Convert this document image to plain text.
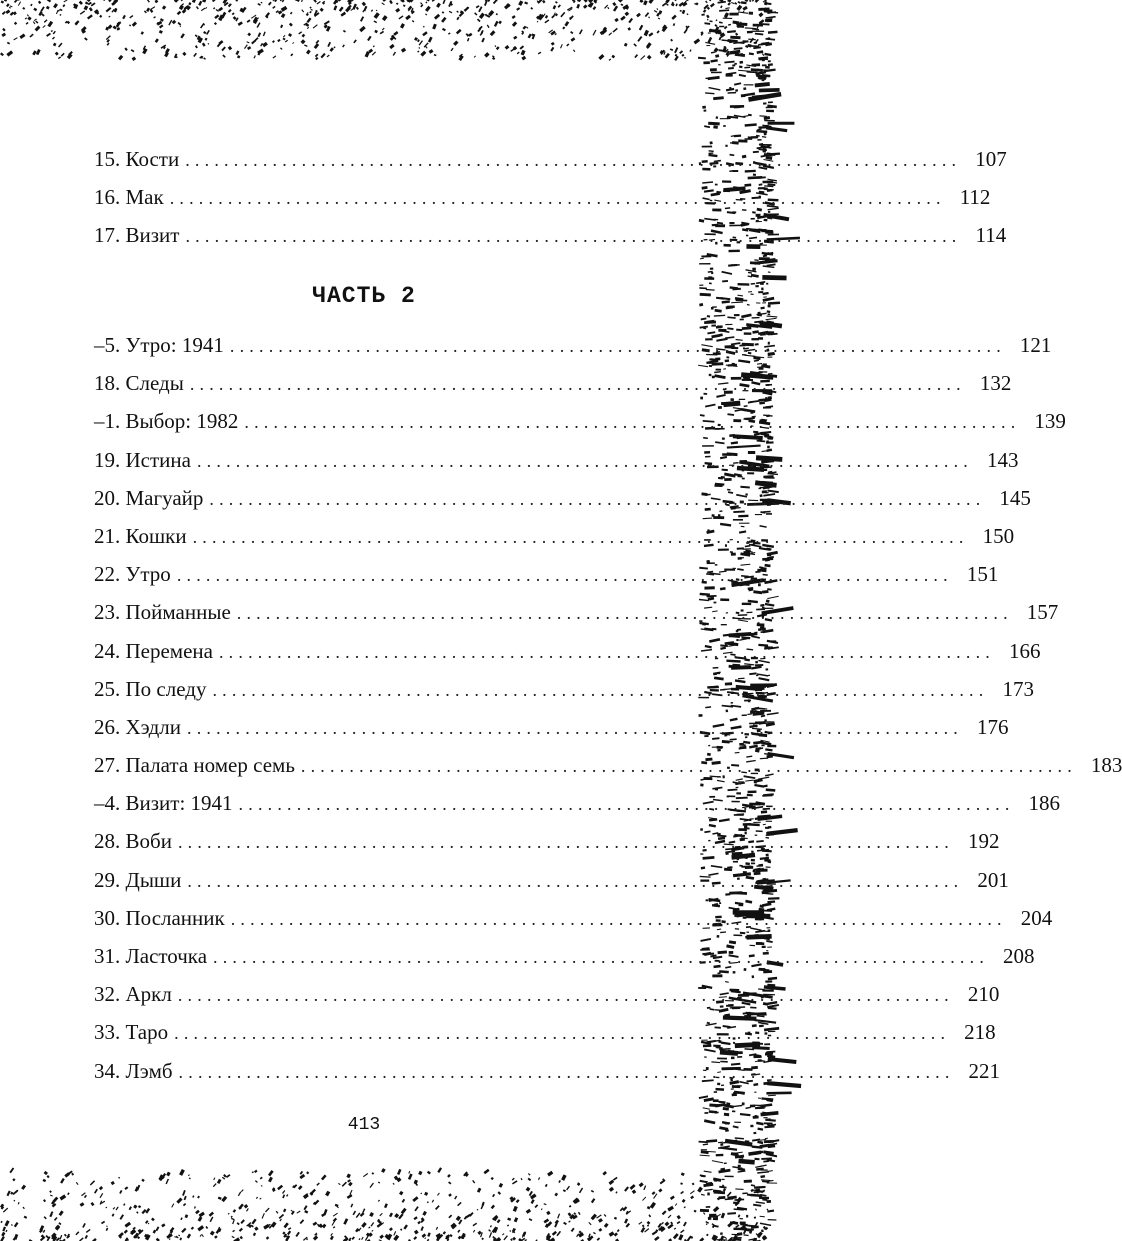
15. Кости ................................................................................ 107
16. Мак ................................................................................ 112
17. Визит ................................................................................ 114
ЧАСТЬ 2
–5. Утро: 1941 ................................................................................ 121
18. Следы ................................................................................ 132
–1. Выбор: 1982 ................................................................................ 139
19. Истина ................................................................................ 143
20. Магуайр ................................................................................ 145
21. Кошки ................................................................................ 150
22. Утро ................................................................................ 151
23. Пойманные ................................................................................ 157
24. Перемена ................................................................................ 166
25. По следу ................................................................................ 173
26. Хэдли ................................................................................ 176
27. Палата номер семь ................................................................................ 183
–4. Визит: 1941 ................................................................................ 186
28. Воби ................................................................................ 192
29. Дыши ................................................................................ 201
30. Посланник ................................................................................ 204
31. Ласточка ................................................................................ 208
32. Аркл ................................................................................ 210
33. Таро ................................................................................ 218
34. Лэмб ................................................................................ 221
413
